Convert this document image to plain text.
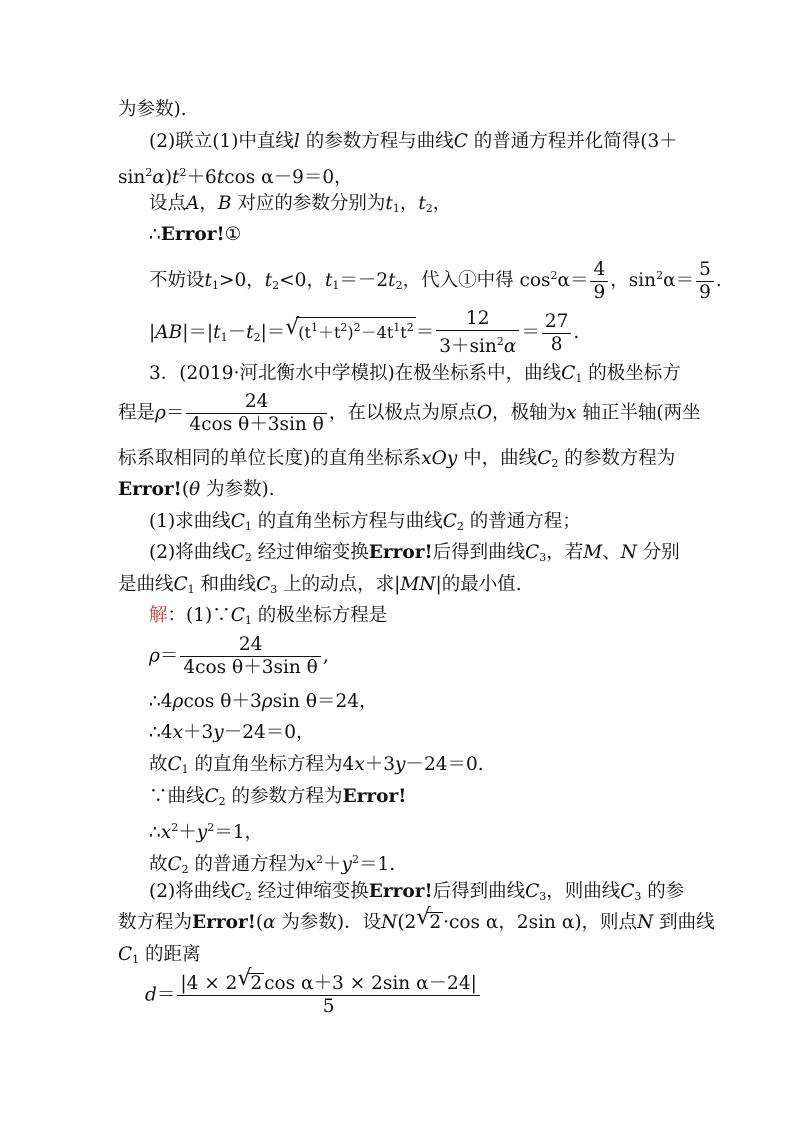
为参数).
(2)联立(1)中直线l 的参数方程与曲线C 的普通方程并化简得(3＋
$\sin^2\alpha)t^2+6tcos$ α－9＝0，
设点A，B 对应的参数分别为$t_1$，$t_2$，
∴Error!①
不妨设$t_1>0$，$t_2<0$，$t_1=-2t_2$，代入①中得 $\cos^2\alpha= \frac{4}{9}$ ，$\sin^2\alpha= \frac{5}{9}$ .
$|AB|=|t_1-t_2|=$ √
$(t^1+t^2)^2-4t^1t^2 = \frac{12}{3+\sin^2\alpha} = \frac{27}{8}$ .
3．(2019·河北衡水中学模拟)在极坐标系中，曲线$C_1$ 的极坐标方
程是$\rho= \frac{24}{\text{4cos θ＋3sin θ}}$ ，在以极点为原点O，极轴为x 轴正半轴(两坐
标系取相同的单位长度)的直角坐标系xOy 中，曲线$C_2$ 的参数方程为
Error!(θ 为参数).
(1)求曲线$C_1$ 的直角坐标方程与曲线$C_2$ 的普通方程；
(2)将曲线$C_2$ 经过伸缩变换Error!后得到曲线$C_3$，若M、N 分别
是曲线$C_1$ 和曲线$C_3$ 上的动点，求|MN|的最小值.
解：$(1)\because C_1$ 的极坐标方程是
$\rho= \frac{24}{\text{4cos θ＋3sin θ}}$ ,
∴4ρcos θ＋3ρsin θ＝24，
∴4x＋3y－24＝0，
故$C_1$ 的直角坐标方程为4x＋3y－24＝0.
∵曲线$C_2$ 的参数方程为Error!
$\therefore x^2+y^2=1$，
故$C_2$ 的普通方程为$x^2+y^2=1$.
(2)将曲线$C_2$ 经过伸缩变换Error!后得到曲线$C_3$，则曲线$C_3$ 的参
数方程为Error!(α 为参数)．设N(2 √
2 ·cos α，2sin α)，则点N 到曲线
$C_1$ 的距离
d＝ |4 × 2 √
2 cos α＋3 × 2sin α－24|
5
